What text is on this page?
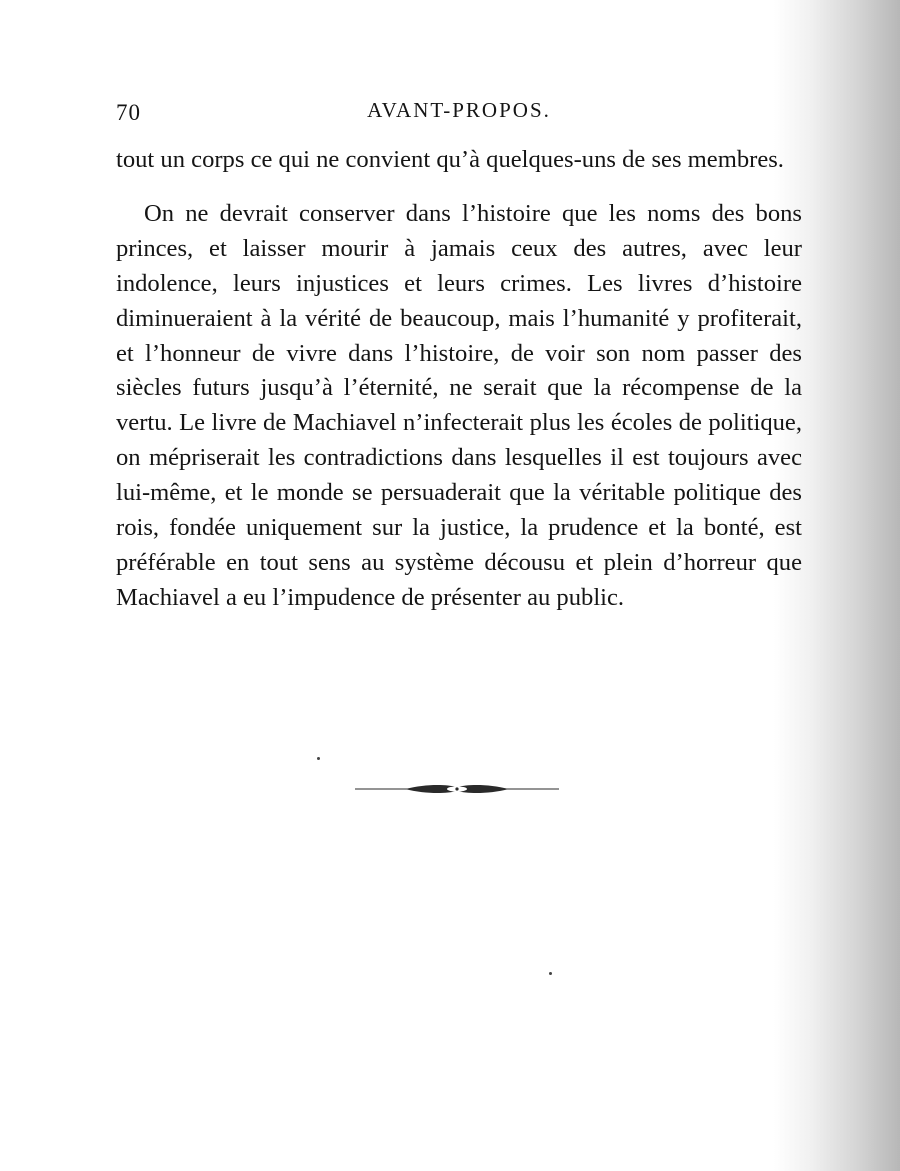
70	AVANT-PROPOS.

tout un corps ce qui ne convient qu’à quelques-uns de ses membres.

On ne devrait conserver dans l’histoire que les noms des bons princes, et laisser mourir à jamais ceux des autres, avec leur indolence, leurs injustices et leurs crimes. Les livres d’histoire diminueraient à la vérité de beaucoup, mais l’humanité y profiterait, et l’honneur de vivre dans l’histoire, de voir son nom passer des siècles futurs jusqu’à l’éternité, ne serait que la récompense de la vertu. Le livre de Machiavel n’infecterait plus les écoles de politique, on mépriserait les contradictions dans lesquelles il est toujours avec lui-même, et le monde se persuaderait que la véritable politique des rois, fondée uniquement sur la justice, la prudence et la bonté, est préférable en tout sens au système décousu et plein d’horreur que Machiavel a eu l’impudence de présenter au public.
